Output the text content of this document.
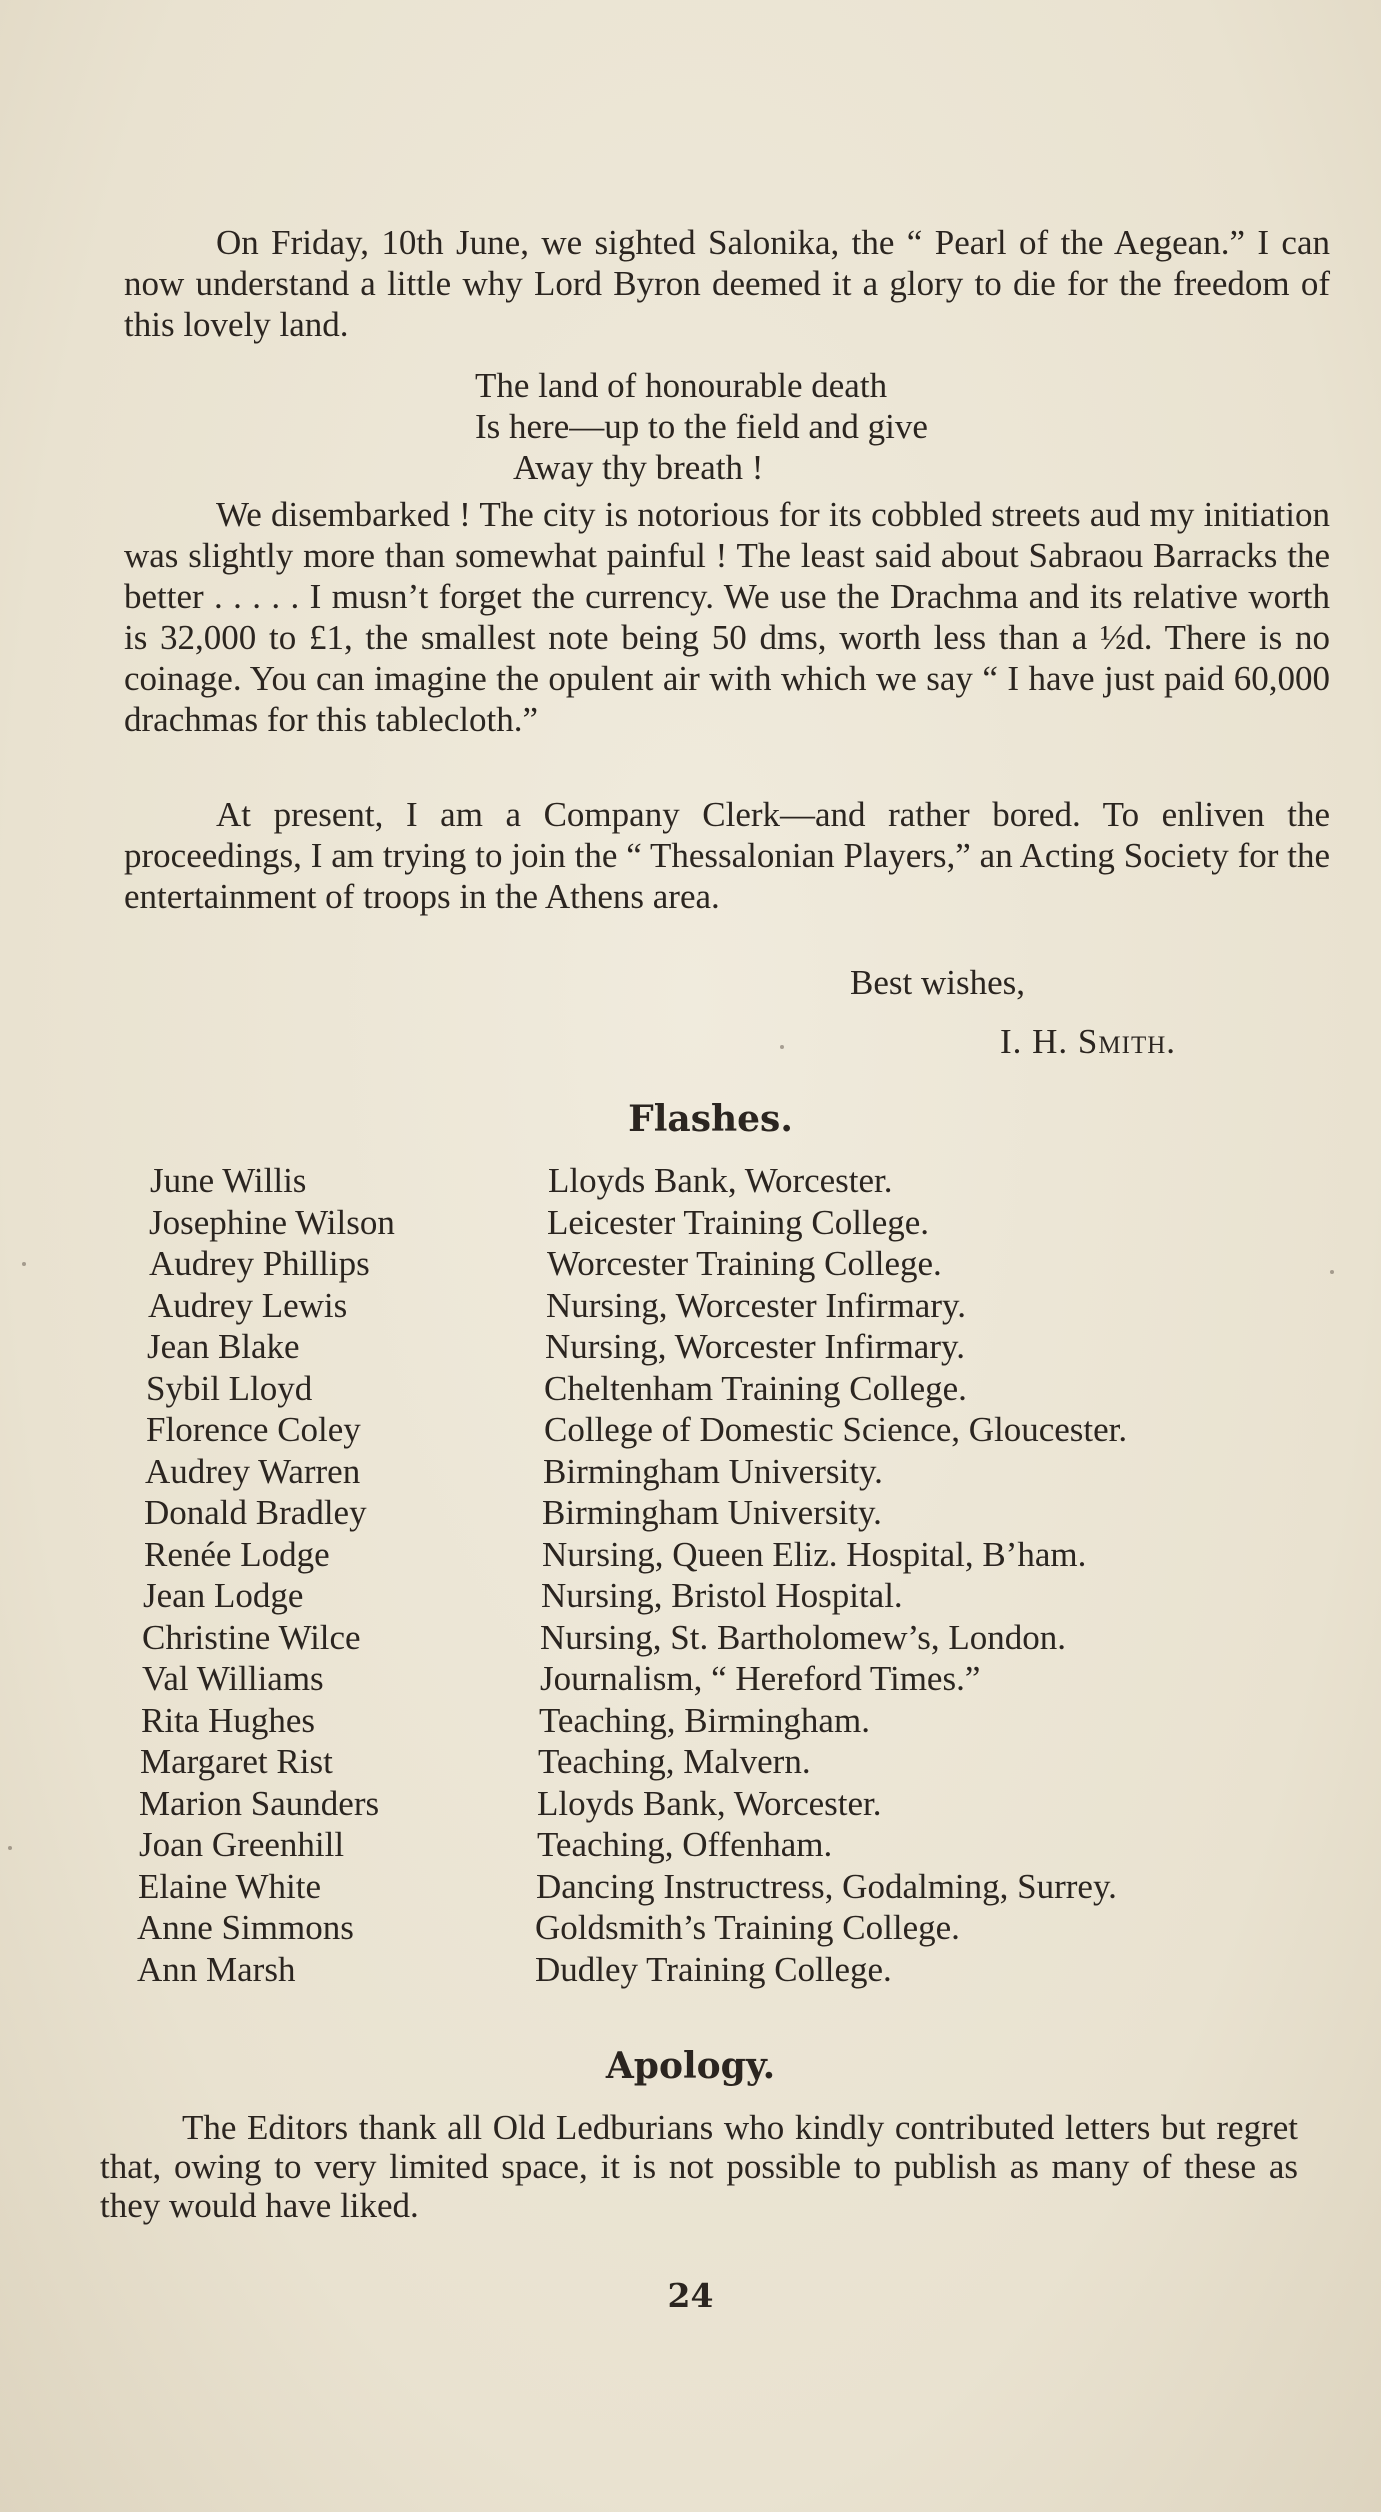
On Friday, 10th June, we sighted Salonika, the “ Pearl of the Aegean.” I can now understand a little why Lord Byron deemed it a glory to die for the freedom of this lovely land.

The land of honourable death
Is here—up to the field and give
Away thy breath !

We disembarked ! The city is notorious for its cobbled streets aud my initiation was slightly more than somewhat painful ! The least said about Sabraou Barracks the better . . . . . I musn’t forget the currency. We use the Drachma and its relative worth is 32,000 to £1, the smallest note being 50 dms, worth less than a ½d. There is no coinage. You can imagine the opulent air with which we say “ I have just paid 60,000 drachmas for this tablecloth.”

At present, I am a Company Clerk—and rather bored. To enliven the proceedings, I am trying to join the “ Thessalonian Players,” an Acting Society for the entertainment of troops in the Athens area.

Best wishes,
I. H. Smith.
Flashes.
June Willis	Lloyds Bank, Worcester.
Josephine Wilson	Leicester Training College.
Audrey Phillips	Worcester Training College.
Audrey Lewis	Nursing, Worcester Infirmary.
Jean Blake	Nursing, Worcester Infirmary.
Sybil Lloyd	Cheltenham Training College.
Florence Coley	College of Domestic Science, Gloucester.
Audrey Warren	Birmingham University.
Donald Bradley	Birmingham University.
Renée Lodge	Nursing, Queen Eliz. Hospital, B’ham.
Jean Lodge	Nursing, Bristol Hospital.
Christine Wilce	Nursing, St. Bartholomew’s, London.
Val Williams	Journalism, “ Hereford Times.”
Rita Hughes	Teaching, Birmingham.
Margaret Rist	Teaching, Malvern.
Marion Saunders	Lloyds Bank, Worcester.
Joan Greenhill	Teaching, Offenham.
Elaine White	Dancing Instructress, Godalming, Surrey.
Anne Simmons	Goldsmith’s Training College.
Ann Marsh	Dudley Training College.
Apology.

The Editors thank all Old Ledburians who kindly contributed letters but regret that, owing to very limited space, it is not possible to publish as many of these as they would have liked.

24
